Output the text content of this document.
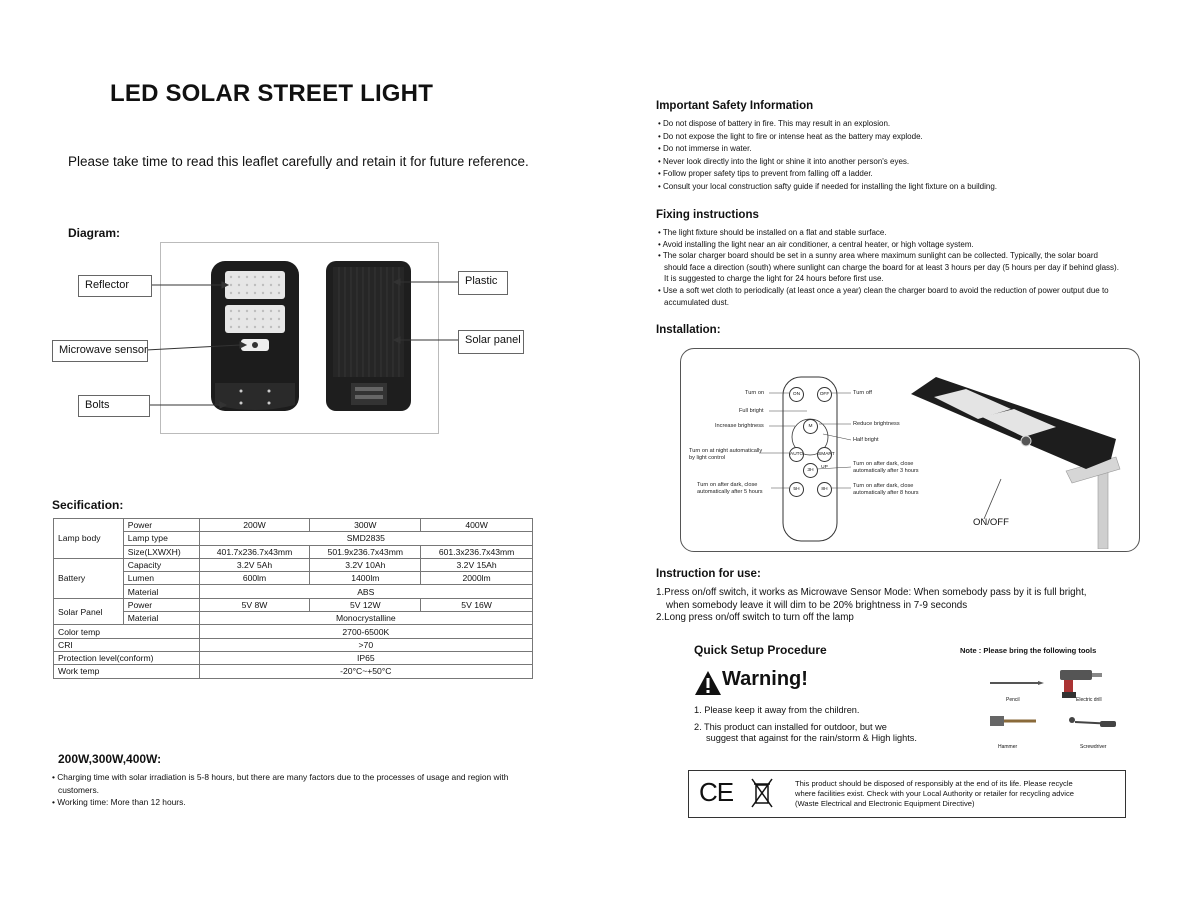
LED SOLAR STREET LIGHT
Please take time to read this leaflet carefully and retain it for future reference.
Diagram:
Reflector
Microwave sensor
Bolts
Plastic
Solar panel
Secification:
Lamp body	Power	200W	300W	400W
	Lamp type	SMD2835		
	Size(LXWXH)	401.7x236.7x43mm	501.9x236.7x43mm	601.3x236.7x43mm
Battery	Capacity	3.2V 5Ah	3.2V 10Ah	3.2V 15Ah
	Lumen	600lm	1400lm	2000lm
	Material	ABS		
Solar Panel	Power	5V 8W	5V 12W	5V 16W
	Material	Monocrystalline		
Color temp		2700-6500K		
CRI		>70		
Protection level(conform)		IP65		
Work temp		-20°C~+50°C		
200W,300W,400W:
• Charging time with solar irradiation is 5-8 hours, but there are many factors due to the processes of usage and region with
customers.
• Working time: More than 12 hours.
Important Safety Information
• Do not dispose of battery in fire. This may result in an explosion.
• Do not expose the light to fire or intense heat as the battery may explode.
• Do not immerse in water.
• Never look directly into the light or shine it into another person's eyes.
• Follow proper safety tips to prevent from falling off a ladder.
• Consult your local construction safty guide if needed for installing the light fixture on a building.
Fixing instructions
• The light fixture should be installed on a flat and stable surface.
• Avoid installing the light near an air conditioner, a central heater, or high voltage system.
• The solar charger board should be set in a sunny area where maximum sunlight can be collected. Typically, the solar board
should face a direction (south) where sunlight can charge the board for at least 3 hours per day (5 hours per day if behind glass).
It is suggested to charge the light for 24 hours before first use.
• Use a soft wet cloth to periodically (at least once a year) clean the charger board to avoid the reduction of power output due to
accumulated dust.
Installation:
ON	OFF
M
AUTO	SMART UP
3H
5H	8H
Turn on	Turn off
Full bright
Increase brightness	Reduce brightness
Half bright
Turn on at night automatically
by light control
Turn on after dark, close
automatically after 3 hours
Turn on after dark, close
automatically after 5 hours
Turn on after dark, close
automatically after 8 hours
ON/OFF
Instruction for use:
1.Press on/off switch, it works as Microwave Sensor Mode: When somebody pass by it is full bright,
when somebody leave it will dim to be 20% brightness in 7-9 seconds
2.Long press on/off switch to turn off the lamp
Quick Setup Procedure	Note : Please bring the following tools
Warning!
1. Please keep it away from the children.
2. This product can installed for outdoor, but we
suggest that against for the rain/storm & High lights.
Pencil	Electric drill
Hammer	Screwdriver
CE	This product should be disposed of responsibly at the end of its life. Please recycle
where facilities exist. Check with your Local Authority or retailer for recycling advice
(Waste Electrical and Electronic Equipment Directive)
